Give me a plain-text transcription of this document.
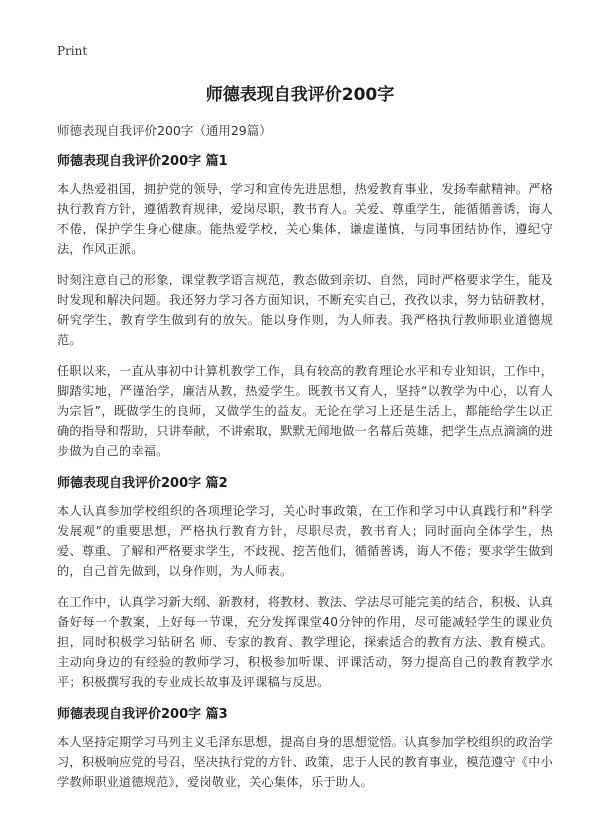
Print
师德表现自我评价200字
师德表现自我评价200字（通用29篇）
师德表现自我评价200字 篇1

本人热爱祖国，拥护党的领导，学习和宣传先进思想，热爱教育事业，发扬奉献精神。严格执行教育方针，遵循教育规律，爱岗尽职，教书育人。关爱、尊重学生，能循循善诱，诲人不倦，保护学生身心健康。能热爱学校，关心集体，谦虚谨慎，与同事团结协作，遵纪守法，作风正派。

时刻注意自己的形象，课堂教学语言规范，教态做到亲切、自然，同时严格要求学生，能及时发现和解决问题。我还努力学习各方面知识，不断充实自己，孜孜以求，努力钻研教材，研究学生，教育学生做到有的放矢。能以身作则，为人师表。我严格执行教师职业道德规范。

任职以来，一直从事初中计算机教学工作，具有较高的教育理论水平和专业知识，工作中，脚踏实地，严谨治学，廉洁从教，热爱学生。既教书又育人，坚持“以教学为中心，以育人为宗旨”，既做学生的良师，又做学生的益友。无论在学习上还是生活上，都能给学生以正确的指导和帮助，只讲奉献，不讲索取，默默无闻地做一名幕后英雄，把学生点点滴滴的进步做为自己的幸福。

师德表现自我评价200字 篇2

本人认真参加学校组织的各项理论学习，关心时事政策，在工作和学习中认真践行和“科学发展观”的重要思想，严格执行教育方针，尽职尽责，教书育人；同时面向全体学生，热爱、尊重、了解和严格要求学生，不歧视、挖苦他们，循循善诱，诲人不倦；要求学生做到的，自己首先做到，以身作则，为人师表。

在工作中，认真学习新大纲、新教材，将教材、教法、学法尽可能完美的结合，积极、认真备好每一个教案，上好每一节课，充分发挥课堂40分钟的作用，尽可能减轻学生的课业负担，同时积极学习钻研名 师、专家的教育、教学理论，探索适合的教育方法、教育模式。主动向身边的有经验的教师学习，积极参加听课、评课活动，努力提高自己的教育教学水平；积极撰写我的专业成长故事及评课稿与反思。

师德表现自我评价200字 篇3

本人坚持定期学习马列主义毛泽东思想，提高自身的思想觉悟。认真参加学校组织的政治学习，积极响应党的号召，坚决执行党的方针、政策，忠于人民的教育事业，模范遵守《中小学教师职业道德规范》，爱岗敬业，关心集体，乐于助人。
